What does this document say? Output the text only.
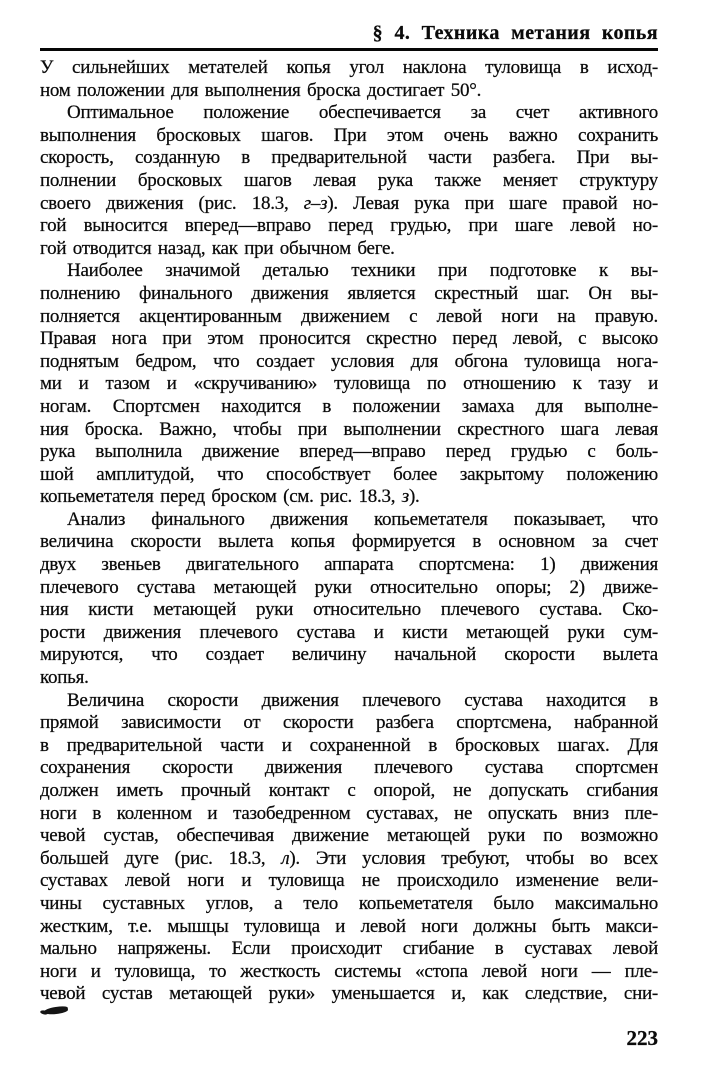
§ 4. Техника метания копья
У сильнейших метателей копья угол наклона туловища в исход-
ном положении для выполнения броска достигает 50°.
Оптимальное положение обеспечивается за счет активного
выполнения бросковых шагов. При этом очень важно сохранить
скорость, созданную в предварительной части разбега. При вы-
полнении бросковых шагов левая рука также меняет структуру
своего движения (рис. 18.3, г–з). Левая рука при шаге правой но-
гой выносится вперед—вправо перед грудью, при шаге левой но-
гой отводится назад, как при обычном беге.
Наиболее значимой деталью техники при подготовке к вы-
полнению финального движения является скрестный шаг. Он вы-
полняется акцентированным движением с левой ноги на правую.
Правая нога при этом проносится скрестно перед левой, с высоко
поднятым бедром, что создает условия для обгона туловища нога-
ми и тазом и «скручиванию» туловища по отношению к тазу и
ногам. Спортсмен находится в положении замаха для выполне-
ния броска. Важно, чтобы при выполнении скрестного шага левая
рука выполнила движение вперед—вправо перед грудью с боль-
шой амплитудой, что способствует более закрытому положению
копьеметателя перед броском (см. рис. 18.3, з).
Анализ финального движения копьеметателя показывает, что
величина скорости вылета копья формируется в основном за счет
двух звеньев двигательного аппарата спортсмена: 1) движения
плечевого сустава метающей руки относительно опоры; 2) движе-
ния кисти метающей руки относительно плечевого сустава. Ско-
рости движения плечевого сустава и кисти метающей руки сум-
мируются, что создает величину начальной скорости вылета
копья.
Величина скорости движения плечевого сустава находится в
прямой зависимости от скорости разбега спортсмена, набранной
в предварительной части и сохраненной в бросковых шагах. Для
сохранения скорости движения плечевого сустава спортсмен
должен иметь прочный контакт с опорой, не допускать сгибания
ноги в коленном и тазобедренном суставах, не опускать вниз пле-
чевой сустав, обеспечивая движение метающей руки по возможно
большей дуге (рис. 18.3, л). Эти условия требуют, чтобы во всех
суставах левой ноги и туловища не происходило изменение вели-
чины суставных углов, а тело копьеметателя было максимально
жестким, т.е. мышцы туловища и левой ноги должны быть макси-
мально напряжены. Если происходит сгибание в суставах левой
ноги и туловища, то жесткость системы «стопа левой ноги — пле-
чевой сустав метающей руки» уменьшается и, как следствие, сни-
223
